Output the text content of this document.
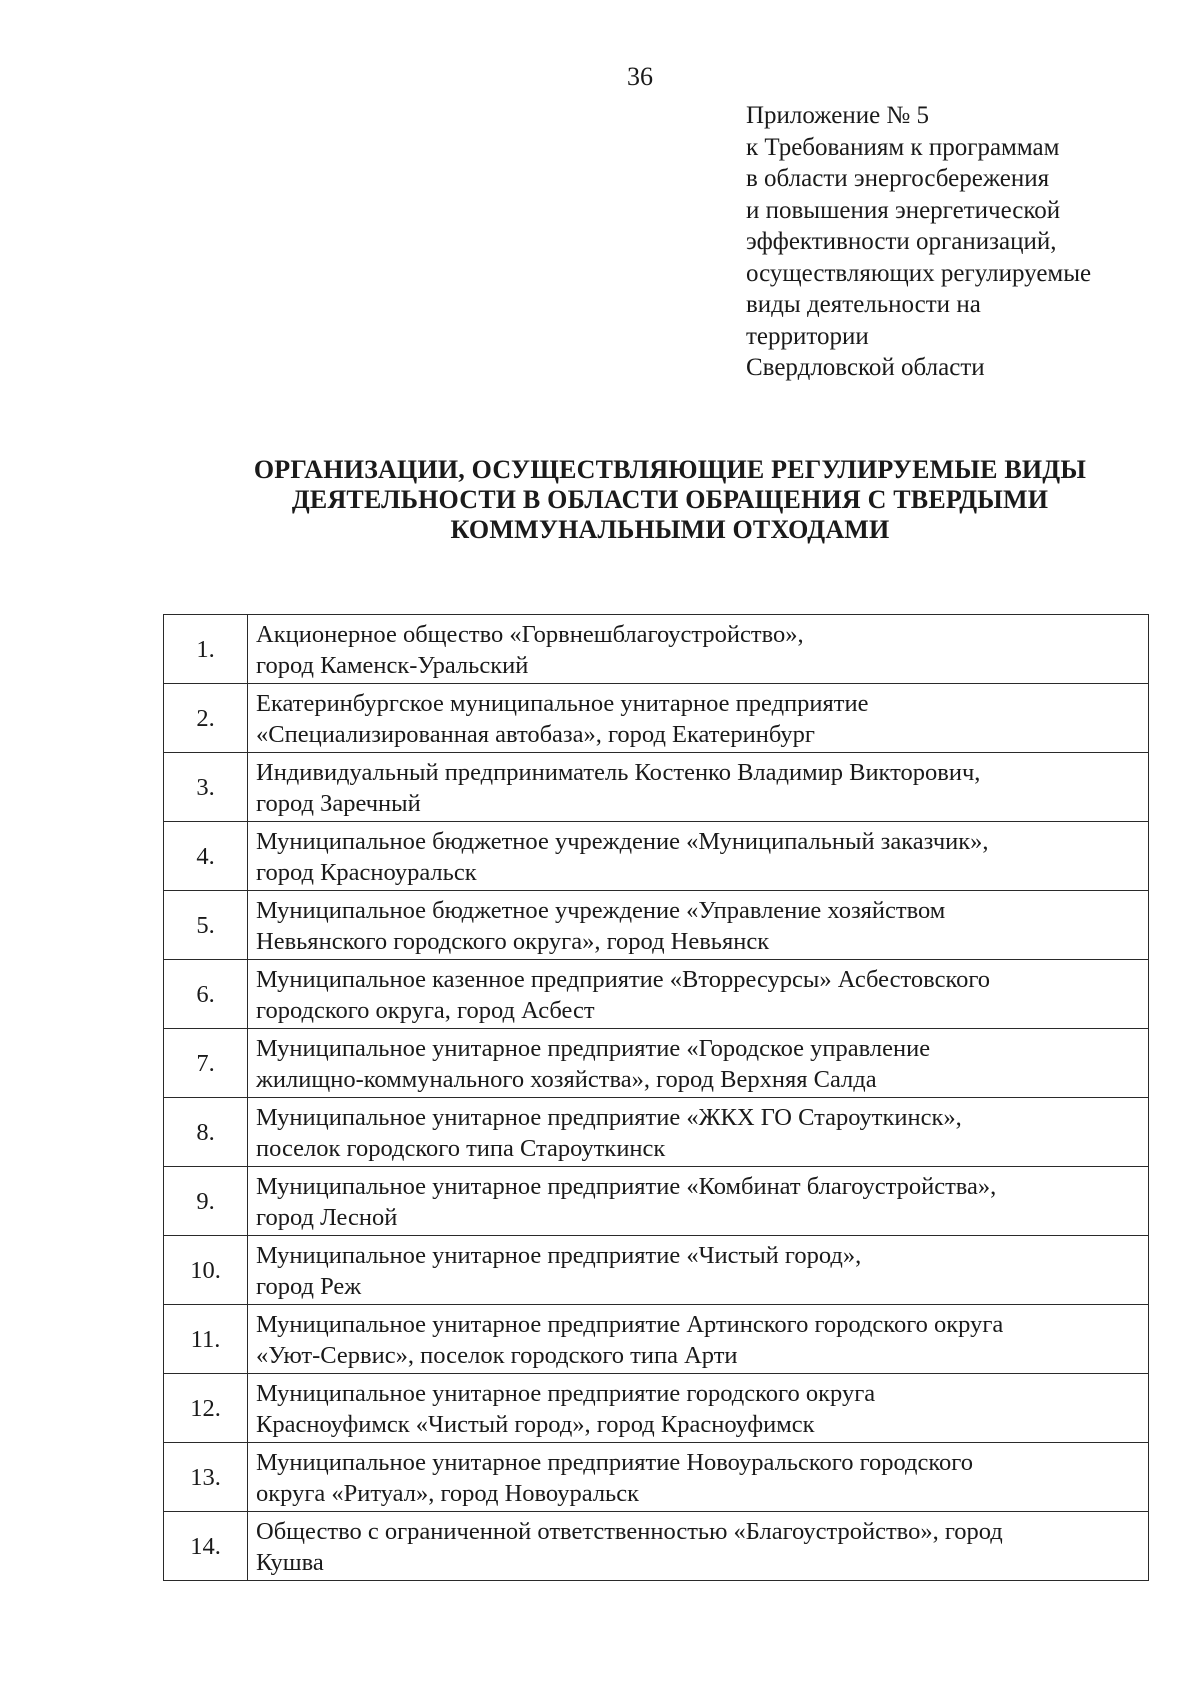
36
Приложение № 5
к Требованиям к программам
в области энергосбережения
и повышения энергетической
эффективности организаций,
осуществляющих регулируемые
виды деятельности на
территории
Свердловской области
ОРГАНИЗАЦИИ, ОСУЩЕСТВЛЯЮЩИЕ РЕГУЛИРУЕМЫЕ ВИДЫ
ДЕЯТЕЛЬНОСТИ В ОБЛАСТИ ОБРАЩЕНИЯ С ТВЕРДЫМИ
КОММУНАЛЬНЫМИ ОТХОДАМИ
1.	Акционерное общество «Горвнешблагоустройство»,
город Каменск-Уральский

2.	Екатеринбургское муниципальное унитарное предприятие
«Специализированная автобаза», город Екатеринбург

3.	Индивидуальный предприниматель Костенко Владимир Викторович,
город Заречный

4.	Муниципальное бюджетное учреждение «Муниципальный заказчик»,
город Красноуральск

5.	Муниципальное бюджетное учреждение «Управление хозяйством
Невьянского городского округа», город Невьянск

6.	Муниципальное казенное предприятие «Вторресурсы» Асбестовского
городского округа, город Асбест

7.	Муниципальное унитарное предприятие «Городское управление
жилищно-коммунального хозяйства», город Верхняя Салда

8.	Муниципальное унитарное предприятие «ЖКХ ГО Староуткинск»,
поселок городского типа Староуткинск

9.	Муниципальное унитарное предприятие «Комбинат благоустройства»,
город Лесной

10.	Муниципальное унитарное предприятие «Чистый город»,
город Реж

11.	Муниципальное унитарное предприятие Артинского городского округа
«Уют-Сервис», поселок городского типа Арти

12.	Муниципальное унитарное предприятие городского округа
Красноуфимск «Чистый город», город Красноуфимск

13.	Муниципальное унитарное предприятие Новоуральского городского
округа «Ритуал», город Новоуральск

14.	Общество с ограниченной ответственностью «Благоустройство», город
Кушва
